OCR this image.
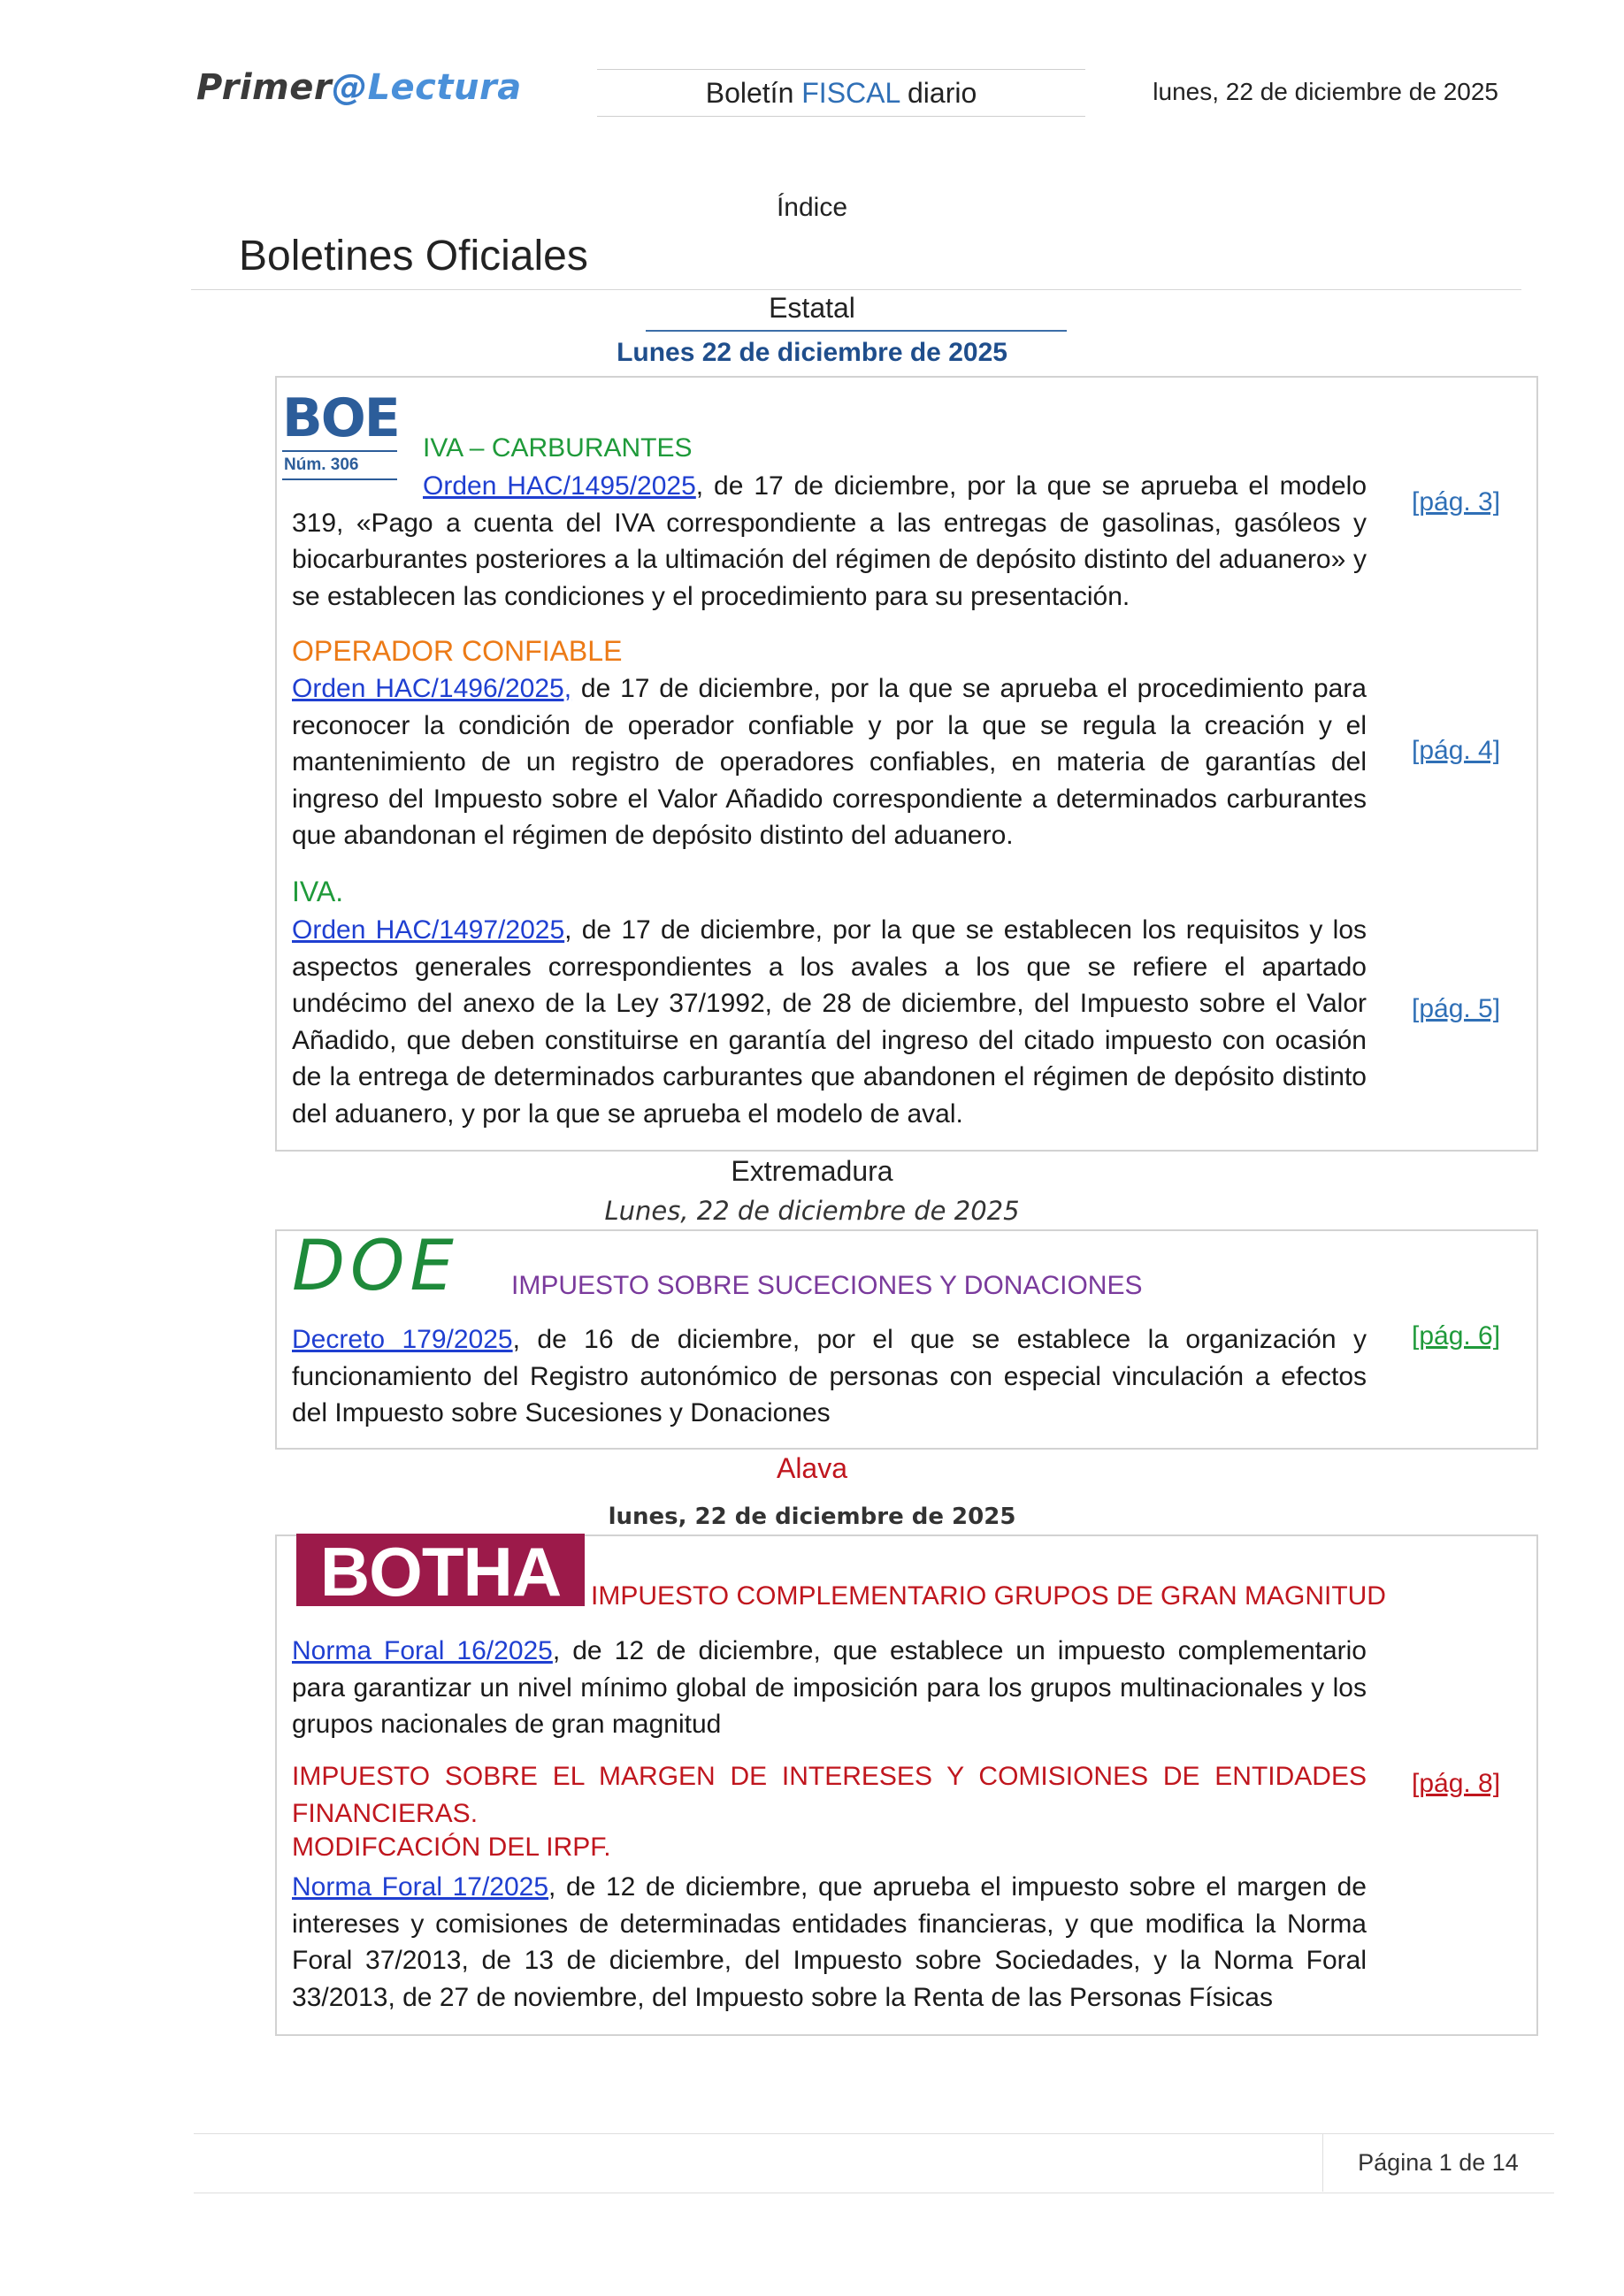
Primer@Lectura	Boletín FISCAL diario	lunes, 22 de diciembre de 2025
Índice
Boletines Oficiales
Estatal
Lunes 22 de diciembre de 2025
BOE
Núm. 306
IVA – CARBURANTES
Orden HAC/1495/2025, de 17 de diciembre, por la que se aprueba el modelo 319, «Pago a cuenta del IVA correspondiente a las entregas de gasolinas, gasóleos y biocarburantes posteriores a la ultimación del régimen de depósito distinto del aduanero» y se establecen las condiciones y el procedimiento para su presentación.
[pág. 3]
OPERADOR CONFIABLE
Orden HAC/1496/2025, de 17 de diciembre, por la que se aprueba el procedimiento para reconocer la condición de operador confiable y por la que se regula la creación y el mantenimiento de un registro de operadores confiables, en materia de garantías del ingreso del Impuesto sobre el Valor Añadido correspondiente a determinados carburantes que abandonan el régimen de depósito distinto del aduanero.
[pág. 4]
IVA.
Orden HAC/1497/2025, de 17 de diciembre, por la que se establecen los requisitos y los aspectos generales correspondientes a los avales a los que se refiere el apartado undécimo del anexo de la Ley 37/1992, de 28 de diciembre, del Impuesto sobre el Valor Añadido, que deben constituirse en garantía del ingreso del citado impuesto con ocasión de la entrega de determinados carburantes que abandonen el régimen de depósito distinto del aduanero, y por la que se aprueba el modelo de aval.
[pág. 5]
Extremadura
Lunes, 22 de diciembre de 2025
DOE IMPUESTO SOBRE SUCECIONES Y DONACIONES
Decreto 179/2025, de 16 de diciembre, por el que se establece la organización y funcionamiento del Registro autonómico de personas con especial vinculación a efectos del Impuesto sobre Sucesiones y Donaciones
[pág. 6]
Alava
lunes, 22 de diciembre de 2025
BOTHA	IMPUESTO COMPLEMENTARIO GRUPOS DE GRAN MAGNITUD
Norma Foral 16/2025, de 12 de diciembre, que establece un impuesto complementario para garantizar un nivel mínimo global de imposición para los grupos multinacionales y los grupos nacionales de gran magnitud
IMPUESTO SOBRE EL MARGEN DE INTERESES Y COMISIONES DE ENTIDADES FINANCIERAS.
MODIFCACIÓN DEL IRPF.
Norma Foral 17/2025, de 12 de diciembre, que aprueba el impuesto sobre el margen de intereses y comisiones de determinadas entidades financieras, y que modifica la Norma Foral 37/2013, de 13 de diciembre, del Impuesto sobre Sociedades, y la Norma Foral 33/2013, de 27 de noviembre, del Impuesto sobre la Renta de las Personas Físicas
[pág. 8]
Página 1 de 14
